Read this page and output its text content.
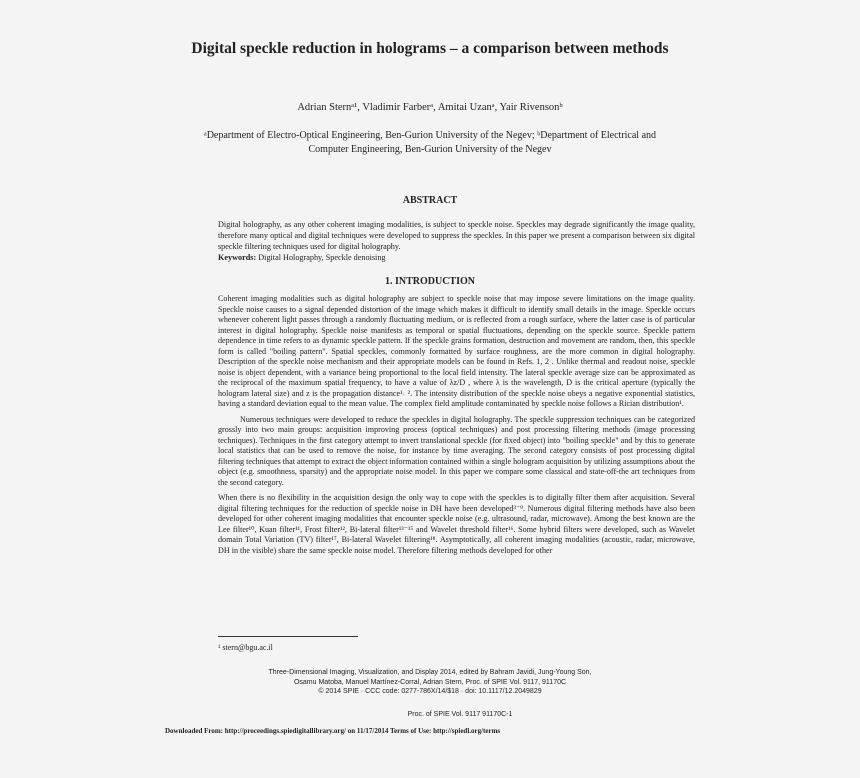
Digital speckle reduction in holograms – a comparison between methods
Adrian Sternᵃ¹, Vladimir Farberᵃ, Amitai Uzanᵃ, Yair Rivensonᵇ
ᵃDepartment of Electro-Optical Engineering, Ben-Gurion University of the Negev; ᵇDepartment of Electrical and Computer Engineering, Ben-Gurion University of the Negev
ABSTRACT
Digital holography, as any other coherent imaging modalities, is subject to speckle noise. Speckles may degrade significantly the image quality, therefore many optical and digital techniques were developed to suppress the speckles. In this paper we present a comparison between six digital speckle filtering techniques used for digital holography.
Keywords: Digital Holography, Speckle denoising
1. INTRODUCTION

Coherent imaging modalities such as digital holography are subject to speckle noise that may impose severe limitations on the image quality. Speckle noise causes to a signal depended distortion of the image which makes it difficult to identify small details in the image. Speckle occurs whenever coherent light passes through a randomly fluctuating medium, or is reflected from a rough surface, where the latter case is of particular interest in digital holography. Speckle noise manifests as temporal or spatial fluctuations, depending on the speckle source. Speckle pattern dependence in time refers to as dynamic speckle pattern. If the speckle grains formation, destruction and movement are random, then, this speckle form is called "boiling pattern". Spatial speckles, commonly formatted by surface roughness, are the more common in digital holography. Description of the speckle noise mechanism and their appropriate models can be found in Refs. 1, 2 . Unlike thermal and readout noise, speckle noise is object dependent, with a variance being proportional to the local field intensity. The lateral speckle average size can be approximated as the reciprocal of the maximum spatial frequency, to have a value of λz/D , where λ is the wavelength, D is the critical aperture (typically the hologram lateral size) and z is the propagation distance¹˒ ². The intensity distribution of the speckle noise obeys a negative exponential statistics, having a standard deviation equal to the mean value. The complex field amplitude contaminated by speckle noise follows a Rician distribution¹.

Numerous techniques were developed to reduce the speckles in digital holography. The speckle suppression techniques can be categorized grossly into two main groups: acquisition improving process (optical techniques) and post processing filtering methods (image processing techniques). Techniques in the first category attempt to invert translational speckle (for fixed object) into "boiling speckle" and by this to generate local statistics that can be used to remove the noise, for instance by time averaging. The second category consists of post processing digital filtering techniques that attempt to extract the object information contained within a single hologram acquisition by utilizing assumptions about the object (e.g. smoothness, sparsity) and the appropriate noise model. In this paper we compare some classical and state-off-the art techniques from the second category.

When there is no flexibility in the acquisition design the only way to cope with the speckles is to digitally filter them after acquisition. Several digital filtering techniques for the reduction of speckle noise in DH have been developed³⁻⁹. Numerous digital filtering methods have also been developed for other coherent imaging modalities that encounter speckle noise (e.g. ultrasound, radar, microwave). Among the best known are the Lee filter¹⁰, Kuan filter¹¹, Frost filter¹², Bi-lateral filter¹³⁻¹⁵ and Wavelet threshold filter¹⁶. Some hybrid filters were developed, such as Wavelet domain Total Variation (TV) filter¹⁷, Bi-lateral Wavelet filtering¹⁸. Asymptotically, all coherent imaging modalities (acoustic, radar, microwave, DH in the visible) share the same speckle noise model. Therefore filtering methods developed for other

¹ stern@bgu.ac.il
Three-Dimensional Imaging, Visualization, and Display 2014, edited by Bahram Javidi, Jung-Young Son,
Osamu Matoba, Manuel Martínez-Corral, Adrian Stern, Proc. of SPIE Vol. 9117, 91170C
© 2014 SPIE · CCC code: 0277-786X/14/$18 · doi: 10.1117/12.2049829
Proc. of SPIE Vol. 9117 91170C-1
Downloaded From: http://proceedings.spiedigitallibrary.org/ on 11/17/2014 Terms of Use: http://spiedl.org/terms
